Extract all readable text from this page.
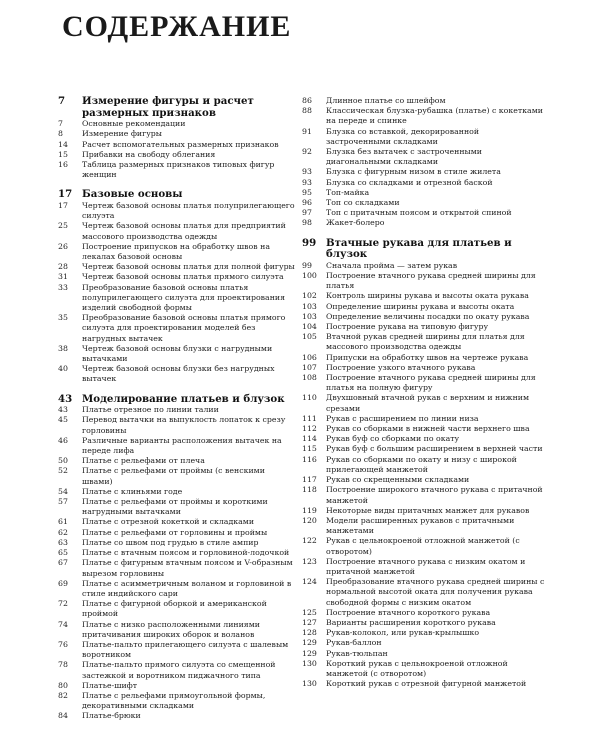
СОДЕРЖАНИЕ
7	Измерение фигуры и расчет размерных признаков
7	Основные рекомендации
8	Измерение фигуры
14	Расчет вспомогательных размерных признаков
15	Прибавки на свободу облегания
16	Таблица размерных признаков типовых фигур женщин
17 Базовые основы
17	Чертеж базовой основы платья полуприлегающего силуэта
25	Чертеж базовой основы платья для предприятий массового производства одежды
26	Построение припусков на обработку швов на лекалах базовой основы
28	Чертеж базовой основы платья для полной фигуры
31	Чертеж базовой основы платья прямого силуэта
33	Преобразование базовой основы платья полуприлегающего силуэта для проектирования изделий свободной формы
35	Преобразование базовой основы платья прямого силуэта для проектирования моделей без нагрудных вытачек
38	Чертеж базовой основы блузки с нагрудными вытачками
40	Чертеж базовой основы блузки без нагрудных вытачек
43 Моделирование платьев и блузок
43	Платье отрезное по линии талии
45	Перевод вытачки на выпуклость лопаток к срезу горловины
46	Различные варианты расположения вытачек на переде лифа
50	Платье с рельефами от плеча
52	Платье с рельефами от проймы (с венскими швами)
54	Платье с клиньями годе
57	Платье с рельефами от проймы и короткими нагрудными вытачками
61	Платье с отрезной кокеткой и складками
62	Платье с рельефами от горловины и проймы
63	Платье со швом под грудью в стиле ампир
65	Платье с втачным поясом и горловиной-лодочкой
67	Платье с фигурным втачным поясом и V-образным вырезом горловины
69	Платье с асимметричным воланом и горловиной в стиле индийского сари
72	Платье с фигурной оборкой и американской проймой
74	Платье с низко расположенными линиями притачивания широких оборок и воланов
76	Платье-пальто прилегающего силуэта с шалевым воротником
78	Платье-пальто прямого силуэта со смещенной застежкой и воротником пиджачного типа
80	Платье-шифт
82	Платье с рельефами прямоугольной формы, декоративными складками
84	Платье-брюки
86	Длинное платье со шлейфом
88	Классическая блузка-рубашка (платье) с кокетками на переде и спинке
91	Блузка со вставкой, декорированной застроченными складками
92	Блузка без вытачек с застроченными диагональными складками
93	Блузка с фигурным низом в стиле жилета
93	Блузка со складками и отрезной баской
95	Топ-майка
96	Топ со складками
97	Топ с притачным поясом и открытой спиной
98	Жакет-болеро
99 Втачные рукава для платьев и блузок
99	Сначала пройма — затем рукав
100	Построение втачного рукава средней ширины для платья
102	Контроль ширины рукава и высоты оката рукава
103	Определение ширины рукава и высоты оката
103	Определение величины посадки по окату рукава
104	Построение рукава на типовую фигуру
105	Втачной рукав средней ширины для платья для массового производства одежды
106	Припуски на обработку швов на чертеже рукава
107	Построение узкого втачного рукава
108	Построение втачного рукава средней ширины для платья на полную фигуру
110	Двухшовный втачной рукав с верхним и нижним срезами
111	Рукав с расширением по линии низа
112	Рукав со сборками в нижней части верхнего шва
114	Рукав буф со сборками по окату
115	Рукав буф с большим расширением в верхней части
116	Рукав со сборками по окату и низу с широкой прилегающей манжетой
117	Рукав со скрещенными складками
118	Построение широкого втачного рукава с притачной манжетой
119	Некоторые виды притачных манжет для рукавов
120	Модели расширенных рукавов с притачными манжетами
122	Рукав с цельнокроеной отложной манжетой (с отворотом)
123	Построение втачного рукава с низким окатом и притачной манжетой
124	Преобразование втачного рукава средней ширины с нормальной высотой оката для получения рукава свободной формы с низким окатом
125	Построение втачного короткого рукава
127	Варианты расширения короткого рукава
128	Рукав-колокол, или рукав-крылышко
129	Рукав-баллон
129	Рукав-тюльпан
130	Короткий рукав с цельнокроеной отложной манжетой (с отворотом)
130	Короткий рукав с отрезной фигурной манжетой
